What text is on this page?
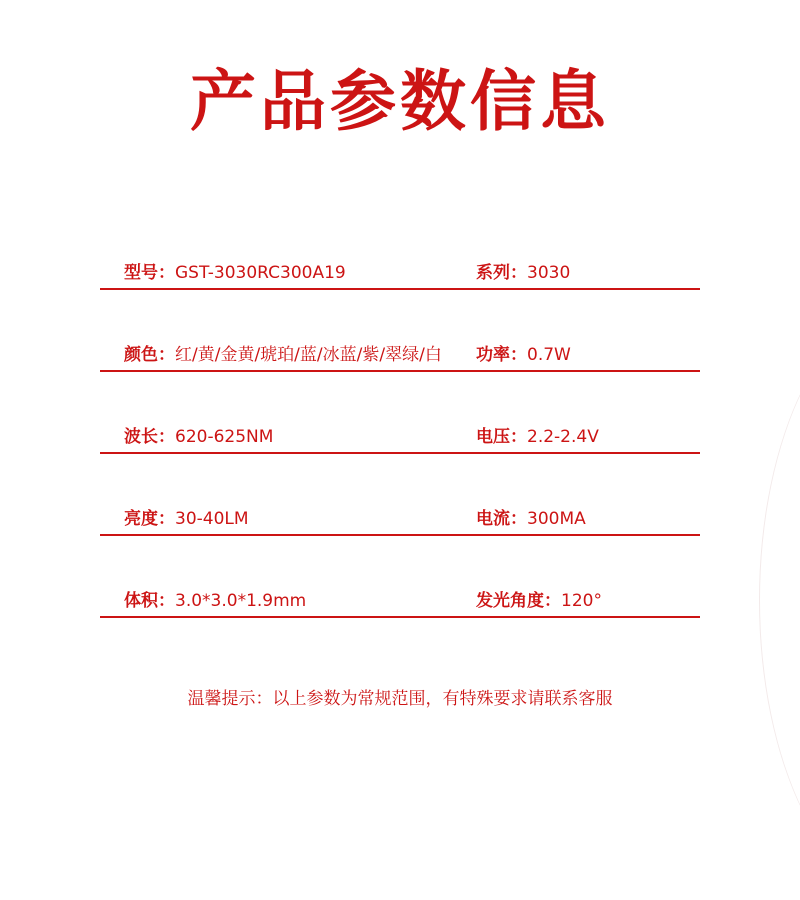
产品参数信息
型号：GST-3030RC300A19	系列：3030
颜色：红/黄/金黄/琥珀/蓝/冰蓝/紫/翠绿/白 功率：0.7W
波长：620-625NM	电压：2.2-2.4V
亮度：30-40LM	电流：300MA
体积：3.0*3.0*1.9mm	发光角度：120°
温馨提示：以上参数为常规范围，有特殊要求请联系客服
